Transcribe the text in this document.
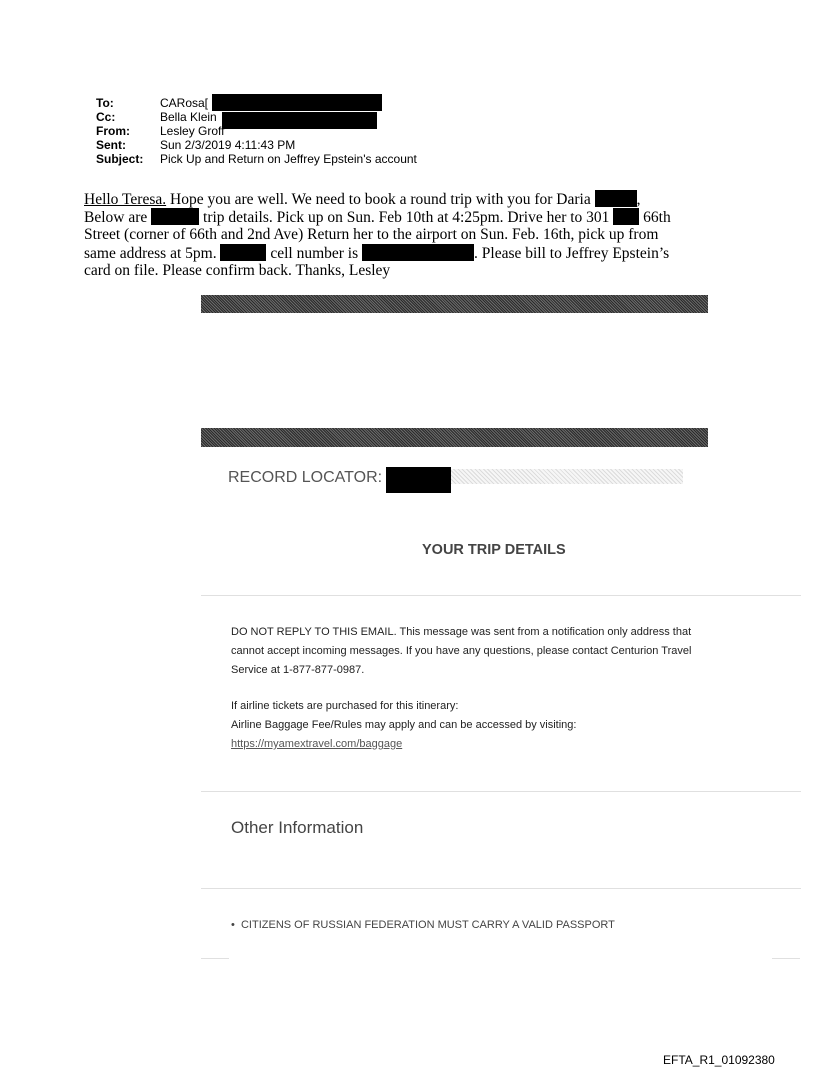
To:	CARosa[
Cc:	Bella Klein
From:	Lesley Groff
Sent:	Sun 2/3/2019 4:11:43 PM
Subject: Pick Up and Return on Jeffrey Epstein's account
Hello Teresa. Hope you are well. We need to book a round trip with you for Daria	,
Below are	trip details. Pick up on Sun. Feb 10th at 4:25pm. Drive her to 301  66th
Street (corner of 66th and 2nd Ave) Return her to the airport on Sun. Feb. 16th, pick up from
same address at 5pm.	cell number is	. Please bill to Jeffrey Epstein’s
card on file. Please confirm back. Thanks, Lesley
RECORD LOCATOR:
YOUR TRIP DETAILS
DO NOT REPLY TO THIS EMAIL. This message was sent from a notification only address that
cannot accept incoming messages. If you have any questions, please contact Centurion Travel
Service at 1-877-877-0987.
If airline tickets are purchased for this itinerary:
Airline Baggage Fee/Rules may apply and can be accessed by visiting:
https://myamextravel.com/baggage
Other Information
• CITIZENS OF RUSSIAN FEDERATION MUST CARRY A VALID PASSPORT
EFTA_R1_01092380
